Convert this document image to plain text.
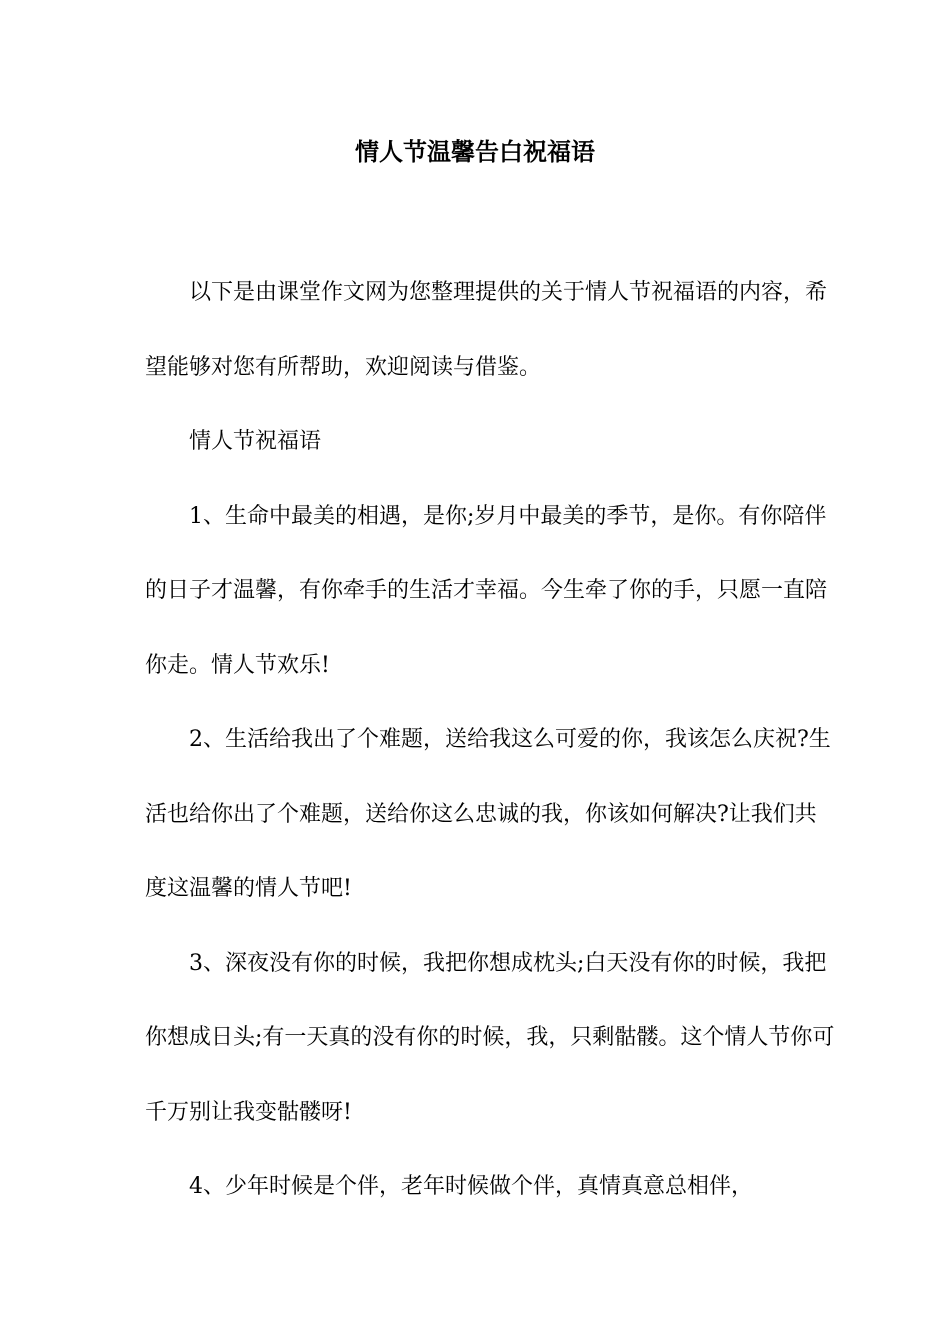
情人节温馨告白祝福语

以下是由课堂作文网为您整理提供的关于情人节祝福语的内容，希望能够对您有所帮助，欢迎阅读与借鉴。

情人节祝福语

1、生命中最美的相遇，是你;岁月中最美的季节，是你。有你陪伴的日子才温馨，有你牵手的生活才幸福。今生牵了你的手，只愿一直陪你走。情人节欢乐!

2、生活给我出了个难题，送给我这么可爱的你，我该怎么庆祝?生活也给你出了个难题，送给你这么忠诚的我，你该如何解决?让我们共度这温馨的情人节吧!

3、深夜没有你的时候，我把你想成枕头;白天没有你的时候，我把你想成日头;有一天真的没有你的时候，我，只剩骷髅。这个情人节你可千万别让我变骷髅呀!

4、少年时候是个伴，老年时候做个伴，真情真意总相伴，
